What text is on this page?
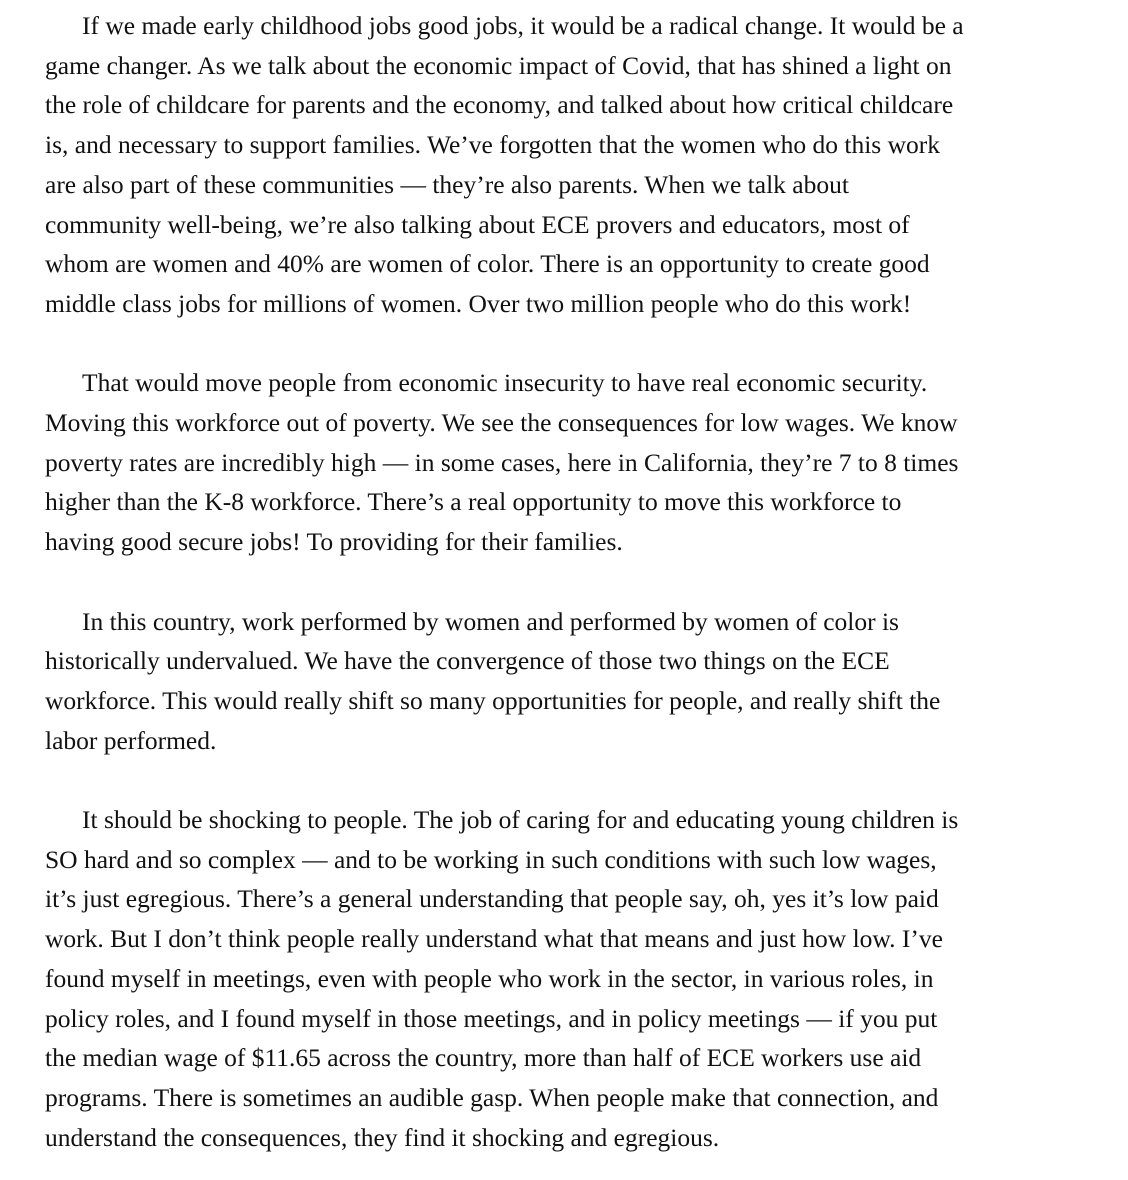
If we made early childhood jobs good jobs, it would be a radical change. It would be a
game changer. As we talk about the economic impact of Covid, that has shined a light on
the role of childcare for parents and the economy, and talked about how critical childcare
is, and necessary to support families. We’ve forgotten that the women who do this work
are also part of these communities — they’re also parents. When we talk about
community well-being, we’re also talking about ECE provers and educators, most of
whom are women and 40% are women of color. There is an opportunity to create good
middle class jobs for millions of women. Over two million people who do this work!
That would move people from economic insecurity to have real economic security.
Moving this workforce out of poverty. We see the consequences for low wages. We know
poverty rates are incredibly high — in some cases, here in California, they’re 7 to 8 times
higher than the K-8 workforce. There’s a real opportunity to move this workforce to
having good secure jobs! To providing for their families.
In this country, work performed by women and performed by women of color is
historically undervalued. We have the convergence of those two things on the ECE
workforce. This would really shift so many opportunities for people, and really shift the
labor performed.
It should be shocking to people. The job of caring for and educating young children is
SO hard and so complex — and to be working in such conditions with such low wages,
it’s just egregious. There’s a general understanding that people say, oh, yes it’s low paid
work. But I don’t think people really understand what that means and just how low. I’ve
found myself in meetings, even with people who work in the sector, in various roles, in
policy roles, and I found myself in those meetings, and in policy meetings — if you put
the median wage of $11.65 across the country, more than half of ECE workers use aid
programs. There is sometimes an audible gasp. When people make that connection, and
understand the consequences, they find it shocking and egregious.
